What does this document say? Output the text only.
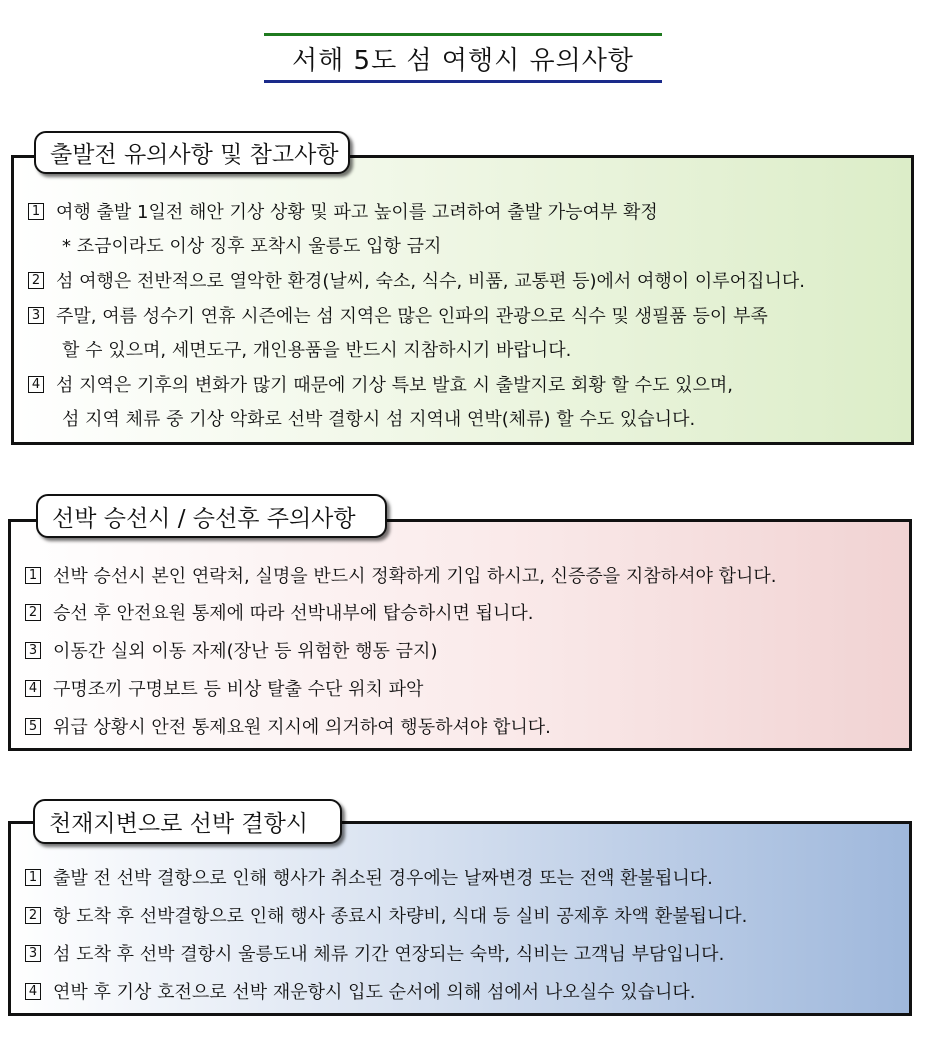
서해 5도 섬 여행시 유의사항
출발전 유의사항 및 참고사항
1 여행 출발 1일전 해안 기상 상황 및 파고 높이를 고려하여 출발 가능여부 확정
* 조금이라도 이상 징후 포착시 울릉도 입항 금지
2 섬 여행은 전반적으로 열악한 환경(날씨, 숙소, 식수, 비품, 교통편 등)에서 여행이 이루어집니다.
3 주말, 여름 성수기 연휴 시즌에는 섬 지역은 많은 인파의 관광으로 식수 및 생필품 등이 부족
할 수 있으며, 세면도구, 개인용품을 반드시 지참하시기 바랍니다.
4 섬 지역은 기후의 변화가 많기 때문에 기상 특보 발효 시 출발지로 회황 할 수도 있으며,
섬 지역 체류 중 기상 악화로 선박 결항시 섬 지역내 연박(체류) 할 수도 있습니다.
선박 승선시 / 승선후 주의사항
1 선박 승선시 본인 연락처, 실명을 반드시 정확하게 기입 하시고, 신증증을 지참하셔야 합니다.
2 승선 후 안전요원 통제에 따라 선박내부에 탑승하시면 됩니다.
3 이동간 실외 이동 자제(장난 등 위험한 행동 금지)
4 구명조끼 구명보트 등 비상 탈출 수단 위치 파악
5 위급 상황시 안전 통제요원 지시에 의거하여 행동하셔야 합니다.
천재지변으로 선박 결항시
1 출발 전 선박 결항으로 인해 행사가 취소된 경우에는 날짜변경 또는 전액 환불됩니다.
2 항 도착 후 선박결항으로 인해 행사 종료시 차량비, 식대 등 실비 공제후 차액 환불됩니다.
3 섬 도착 후 선박 결항시 울릉도내 체류 기간 연장되는 숙박, 식비는 고객님 부담입니다.
4 연박 후 기상 호전으로 선박 재운항시 입도 순서에 의해 섬에서 나오실수 있습니다.
